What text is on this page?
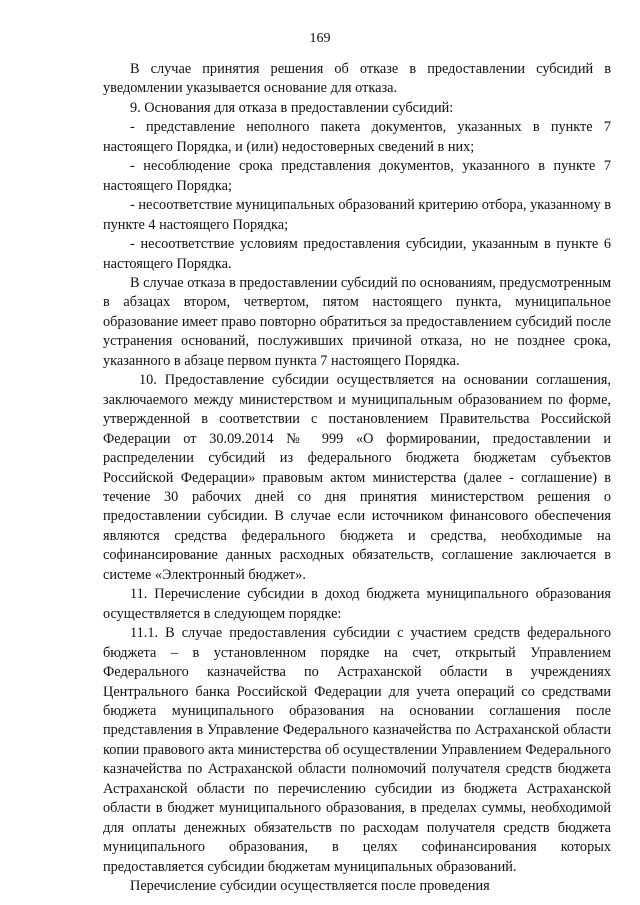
169

В случае принятия решения об отказе в предоставлении субсидий в уведомлении указывается основание для отказа.

9. Основания для отказа в предоставлении субсидий:

- представление неполного пакета документов, указанных в пункте 7 настоящего Порядка, и (или) недостоверных сведений в них;

- несоблюдение срока представления документов, указанного в пункте 7 настоящего Порядка;

- несоответствие муниципальных образований критерию отбора, указанному в пункте 4 настоящего Порядка;

- несоответствие условиям предоставления субсидии, указанным в пункте 6 настоящего Порядка.

В случае отказа в предоставлении субсидий по основаниям, предусмотренным в абзацах втором, четвертом, пятом настоящего пункта, муниципальное образование имеет право повторно обратиться за предоставлением субсидий после устранения оснований, послуживших причиной отказа, но не позднее срока, указанного в абзаце первом пункта 7 настоящего Порядка.

10. Предоставление субсидии осуществляется на основании соглашения, заключаемого между министерством и муниципальным образованием по форме, утвержденной в соответствии с постановлением Правительства Российской Федерации от 30.09.2014 № 999 «О формировании, предоставлении и распределении субсидий из федерального бюджета бюджетам субъектов Российской Федерации» правовым актом министерства (далее - соглашение) в течение 30 рабочих дней со дня принятия министерством решения о предоставлении субсидии. В случае если источником финансового обеспечения являются средства федерального бюджета и средства, необходимые на софинансирование данных расходных обязательств, соглашение заключается в системе «Электронный бюджет».

11. Перечисление субсидии в доход бюджета муниципального образования осуществляется в следующем порядке:

11.1. В случае предоставления субсидии с участием средств федерального бюджета – в установленном порядке на счет, открытый Управлением Федерального казначейства по Астраханской области в учреждениях Центрального банка Российской Федерации для учета операций со средствами бюджета муниципального образования на основании соглашения после представления в Управление Федерального казначейства по Астраханской области копии правового акта министерства об осуществлении Управлением Федерального казначейства по Астраханской области полномочий получателя средств бюджета Астраханской области по перечислению субсидии из бюджета Астраханской области в бюджет муниципального образования, в пределах суммы, необходимой для оплаты денежных обязательств по расходам получателя средств бюджета муниципального образования, в целях софинансирования которых предоставляется субсидии бюджетам муниципальных образований.

Перечисление субсидии осуществляется после проведения
